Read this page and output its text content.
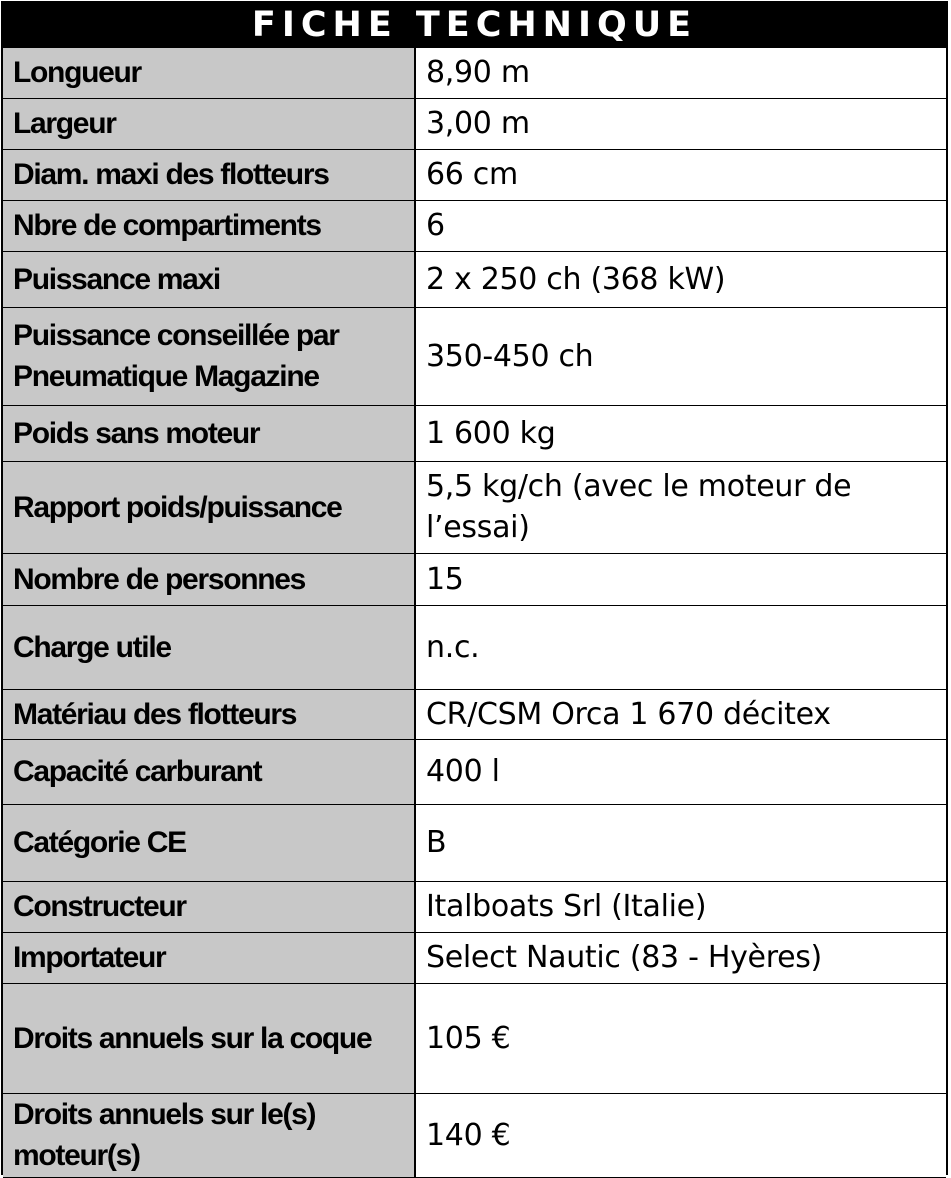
FICHE TECHNIQUE
Longueur	8,90 m
Largeur	3,00 m
Diam. maxi des flotteurs	66 cm
Nbre de compartiments	6
Puissance maxi	2 x 250 ch (368 kW)
Puissance conseillée par Pneumatique Magazine	350-450 ch
Poids sans moteur	1 600 kg
Rapport poids/puissance	5,5 kg/ch (avec le moteur de l’essai)
Nombre de personnes	15
Charge utile	n.c.
Matériau des flotteurs	CR/CSM Orca 1 670 décitex
Capacité carburant	400 l
Catégorie CE	B
Constructeur	Italboats Srl (Italie)
Importateur	Select Nautic (83 - Hyères)
Droits annuels sur la coque	105 €
Droits annuels sur le(s) moteur(s)	140 €
